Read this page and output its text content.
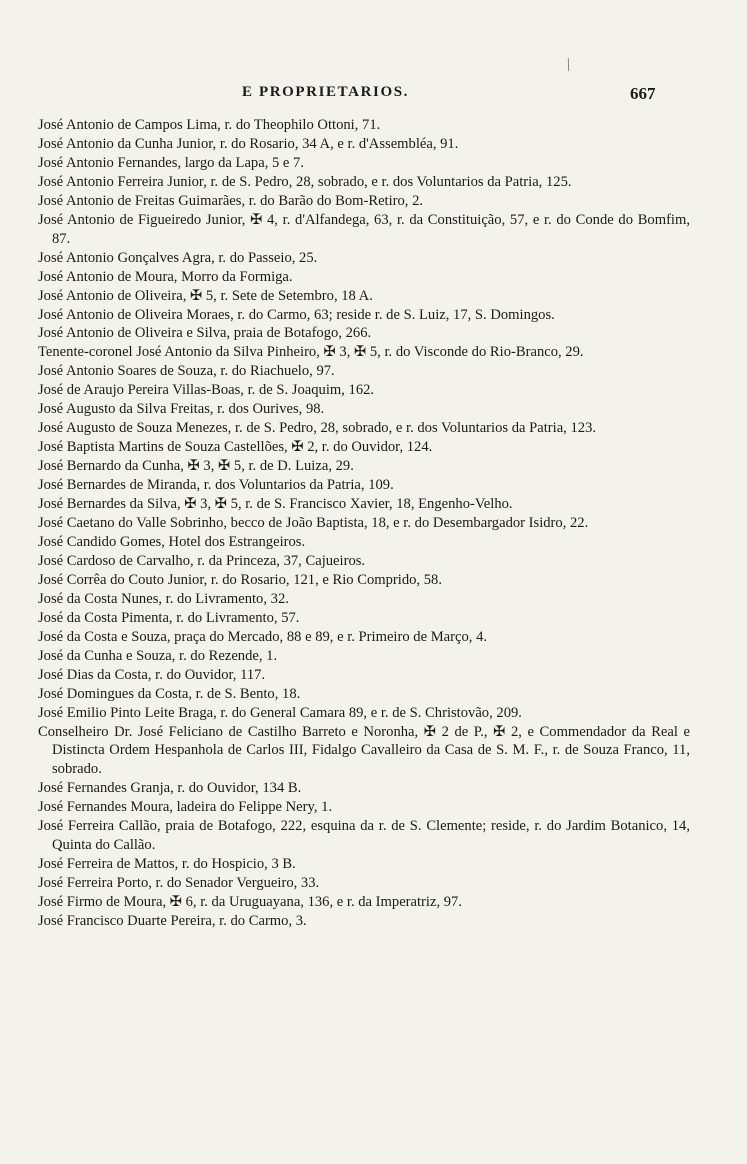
╱
E PROPRIETARIOS.	667

José Antonio de Campos Lima, r. do Theophilo Ottoni, 71.

José Antonio da Cunha Junior, r. do Rosario, 34 A, e r. d'Assembléa, 91.

José Antonio Fernandes, largo da Lapa, 5 e 7.

José Antonio Ferreira Junior, r. de S. Pedro, 28, sobrado, e r. dos Voluntarios da Patria, 125.

José Antonio de Freitas Guimarães, r. do Barão do Bom-Retiro, 2.

José Antonio de Figueiredo Junior, ✠ 4, r. d'Alfandega, 63, r. da Constituição, 57, e r. do Conde do Bomfim, 87.

José Antonio Gonçalves Agra, r. do Passeio, 25.

José Antonio de Moura, Morro da Formiga.

José Antonio de Oliveira, ✠ 5, r. Sete de Setembro, 18 A.

José Antonio de Oliveira Moraes, r. do Carmo, 63; reside r. de S. Luiz, 17, S. Domingos.

José Antonio de Oliveira e Silva, praia de Botafogo, 266.

Tenente-coronel José Antonio da Silva Pinheiro, ✠ 3, ✠ 5, r. do Visconde do Rio-Branco, 29.

José Antonio Soares de Souza, r. do Riachuelo, 97.

José de Araujo Pereira Villas-Boas, r. de S. Joaquim, 162.

José Augusto da Silva Freitas, r. dos Ourives, 98.

José Augusto de Souza Menezes, r. de S. Pedro, 28, sobrado, e r. dos Voluntarios da Patria, 123.

José Baptista Martins de Souza Castellões, ✠ 2, r. do Ouvidor, 124.

José Bernardo da Cunha, ✠ 3, ✠ 5, r. de D. Luiza, 29.

José Bernardes de Miranda, r. dos Voluntarios da Patria, 109.

José Bernardes da Silva, ✠ 3, ✠ 5, r. de S. Francisco Xavier, 18, Engenho-Velho.

José Caetano do Valle Sobrinho, becco de João Baptista, 18, e r. do Desembargador Isidro, 22.

José Candido Gomes, Hotel dos Estrangeiros.

José Cardoso de Carvalho, r. da Princeza, 37, Cajueiros.

José Corrêa do Couto Junior, r. do Rosario, 121, e Rio Comprido, 58.

José da Costa Nunes, r. do Livramento, 32.

José da Costa Pimenta, r. do Livramento, 57.

José da Costa e Souza, praça do Mercado, 88 e 89, e r. Primeiro de Março, 4.

José da Cunha e Souza, r. do Rezende, 1.

José Dias da Costa, r. do Ouvidor, 117.

José Domingues da Costa, r. de S. Bento, 18.

José Emilio Pinto Leite Braga, r. do General Camara 89, e r. de S. Christovão, 209.

Conselheiro Dr. José Feliciano de Castilho Barreto e Noronha, ✠ 2 de P., ✠ 2, e Commendador da Real e Distincta Ordem Hespanhola de Carlos III, Fidalgo Cavalleiro da Casa de S. M. F., r. de Souza Franco, 11, sobrado.

José Fernandes Granja, r. do Ouvidor, 134 B.

José Fernandes Moura, ladeira do Felippe Nery, 1.

José Ferreira Callão, praia de Botafogo, 222, esquina da r. de S. Clemente; reside, r. do Jardim Botanico, 14, Quinta do Callão.

José Ferreira de Mattos, r. do Hospicio, 3 B.

José Ferreira Porto, r. do Senador Vergueiro, 33.

José Firmo de Moura, ✠ 6, r. da Uruguayana, 136, e r. da Imperatriz, 97.

José Francisco Duarte Pereira, r. do Carmo, 3.
